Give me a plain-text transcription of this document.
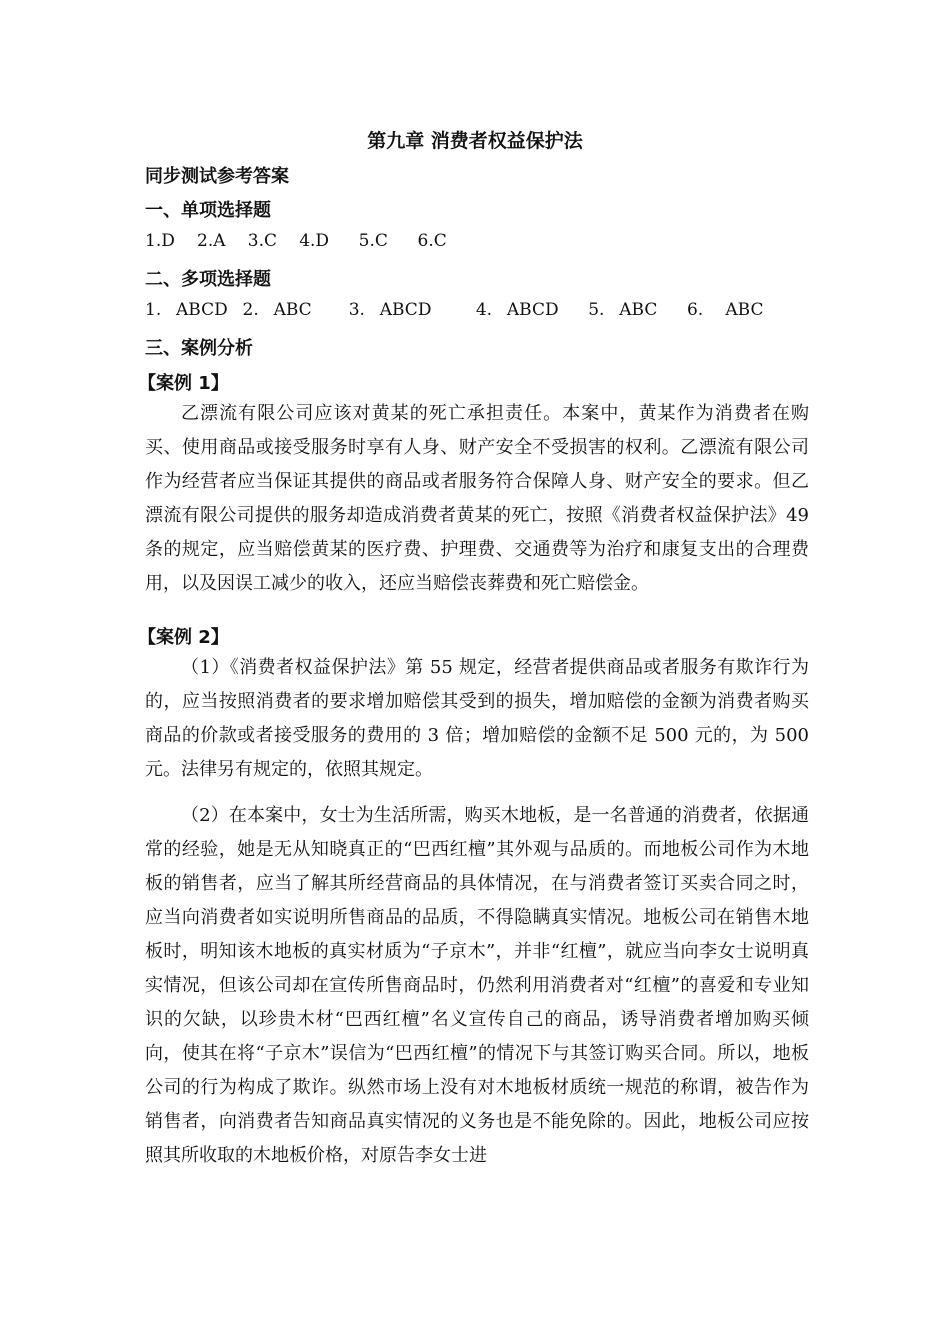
第九章 消费者权益保护法
同步测试参考答案
一、单项选择题
1.D   2.A   3.C   4.D    5.C    6.C
二、多项选择题
1.  ABCD  2.  ABC     3.  ABCD      4.  ABCD    5.  ABC    6.   ABC
三、案例分析
【案例 1】

乙漂流有限公司应该对黄某的死亡承担责任。本案中，黄某作为消费者在购买、使用商品或接受服务时享有人身、财产安全不受损害的权利。乙漂流有限公司作为经营者应当保证其提供的商品或者服务符合保障人身、财产安全的要求。但乙漂流有限公司提供的服务却造成消费者黄某的死亡，按照《消费者权益保护法》49 条的规定，应当赔偿黄某的医疗费、护理费、交通费等为治疗和康复支出的合理费用，以及因误工减少的收入，还应当赔偿丧葬费和死亡赔偿金。

【案例 2】

（1）《消费者权益保护法》第 55 规定，经营者提供商品或者服务有欺诈行为的，应当按照消费者的要求增加赔偿其受到的损失，增加赔偿的金额为消费者购买商品的价款或者接受服务的费用的 3 倍；增加赔偿的金额不足 500 元的，为 500 元。法律另有规定的，依照其规定。

（2）在本案中，女士为生活所需，购买木地板，是一名普通的消费者，依据通常的经验，她是无从知晓真正的“巴西红檀”其外观与品质的。而地板公司作为木地板的销售者，应当了解其所经营商品的具体情况，在与消费者签订买卖合同之时，应当向消费者如实说明所售商品的品质，不得隐瞒真实情况。地板公司在销售木地板时，明知该木地板的真实材质为“子京木”，并非“红檀”，就应当向李女士说明真实情况，但该公司却在宣传所售商品时，仍然利用消费者对“红檀”的喜爱和专业知识的欠缺，以珍贵木材“巴西红檀”名义宣传自己的商品，诱导消费者增加购买倾向，使其在将“子京木”误信为“巴西红檀”的情况下与其签订购买合同。所以，地板公司的行为构成了欺诈。纵然市场上没有对木地板材质统一规范的称谓，被告作为销售者，向消费者告知商品真实情况的义务也是不能免除的。因此，地板公司应按照其所收取的木地板价格，对原告李女士进
